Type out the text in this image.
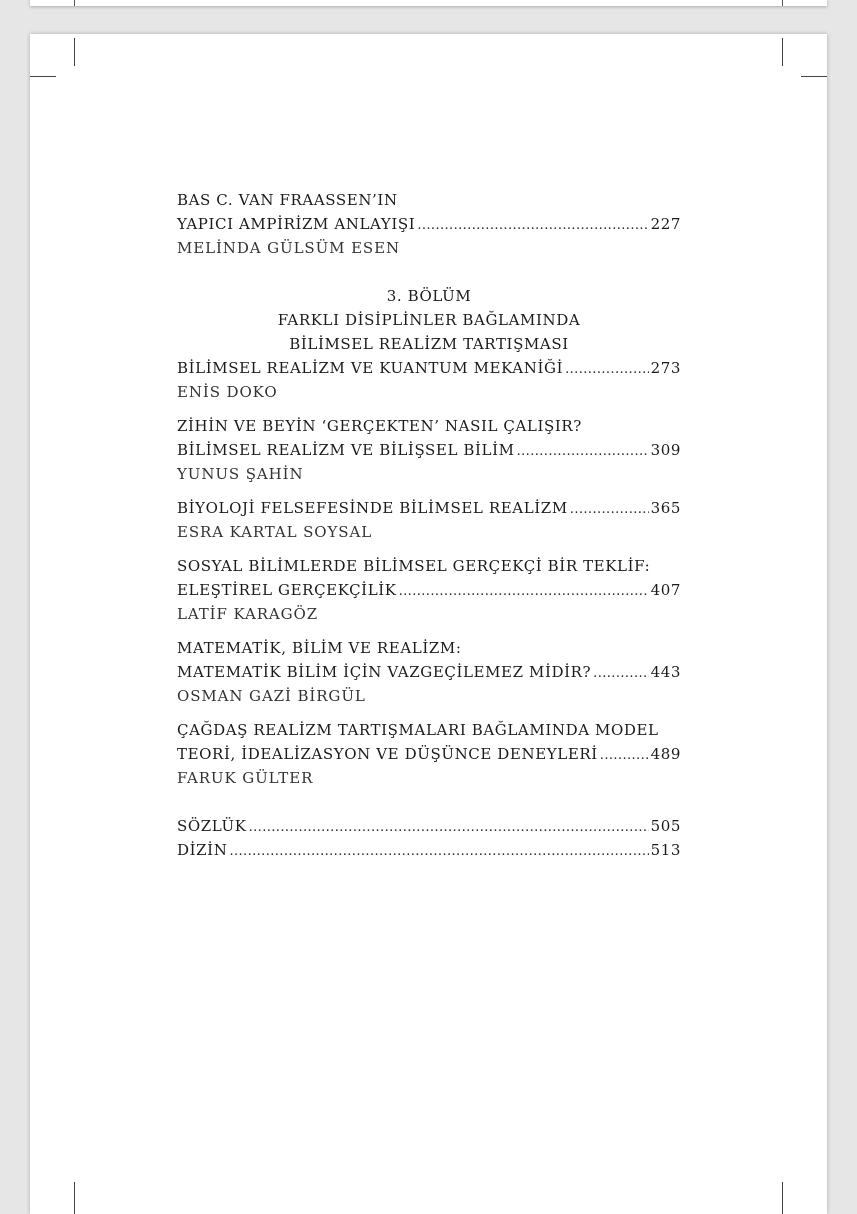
BAS C. VAN FRAASSEN’IN
YAPICI AMPİRİZM ANLAYIŞI .....	227
MELİNDA GÜLSÜM ESEN
3. BÖLÜM
FARKLI DİSİPLİNLER BAĞLAMINDA
BİLİMSEL REALİZM TARTIŞMASI
BİLİMSEL REALİZM VE KUANTUM MEKANİĞİ .....	273
ENİS DOKO
ZİHİN VE BEYİN ‘GERÇEKTEN’ NASIL ÇALIŞIR?
BİLİMSEL REALİZM VE BİLİŞSEL BİLİM .....	309
YUNUS ŞAHİN
BİYOLOJİ FELSEFESİNDE BİLİMSEL REALİZM .....	365
ESRA KARTAL SOYSAL
SOSYAL BİLİMLERDE BİLİMSEL GERÇEKÇİ BİR TEKLİF:
ELEŞTİREL GERÇEKÇİLİK .....	407
LATİF KARAGÖZ
MATEMATİK, BİLİM VE REALİZM:
MATEMATİK BİLİM İÇİN VAZGEÇİLEMEZ MİDİR? .....	443
OSMAN GAZİ BİRGÜL
ÇAĞDAŞ REALİZM TARTIŞMALARI BAĞLAMINDA MODEL
TEORİ, İDEALİZASYON VE DÜŞÜNCE DENEYLERİ .....	489
FARUK GÜLTER
SÖZLÜK .....	505
DİZİN .....	513
